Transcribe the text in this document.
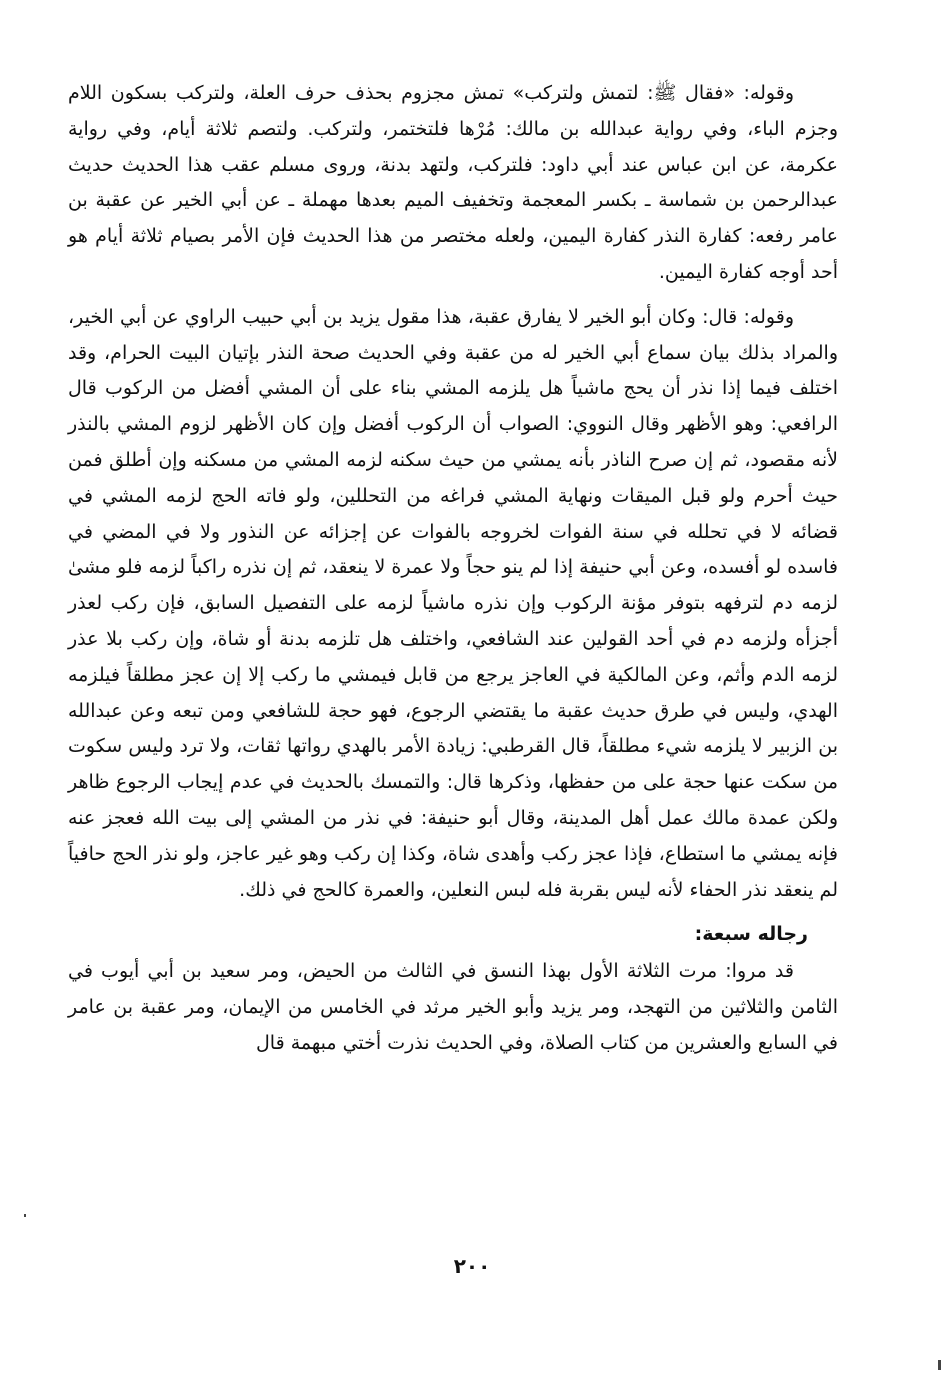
وقوله: «فقال ﷺ: لتمش ولتركب» تمش مجزوم بحذف حرف العلة، ولتركب بسكون اللام وجزم الباء، وفي رواية عبدالله بن مالك: مُرْها فلتختمر، ولتركب. ولتصم ثلاثة أيام، وفي رواية عكرمة، عن ابن عباس عند أبي داود: فلتركب، ولتهد بدنة، وروى مسلم عقب هذا الحديث حديث عبدالرحمن بن شماسة ـ بكسر المعجمة وتخفيف الميم بعدها مهملة ـ عن أبي الخير عن عقبة بن عامر رفعه: كفارة النذر كفارة اليمين، ولعله مختصر من هذا الحديث فإن الأمر بصيام ثلاثة أيام هو أحد أوجه كفارة اليمين.

وقوله: قال: وكان أبو الخير لا يفارق عقبة، هذا مقول يزيد بن أبي حبيب الراوي عن أبي الخير، والمراد بذلك بيان سماع أبي الخير له من عقبة وفي الحديث صحة النذر بإتيان البيت الحرام، وقد اختلف فيما إذا نذر أن يحج ماشياً هل يلزمه المشي بناء على أن المشي أفضل من الركوب قال الرافعي: وهو الأظهر وقال النووي: الصواب أن الركوب أفضل وإن كان الأظهر لزوم المشي بالنذر لأنه مقصود، ثم إن صرح الناذر بأنه يمشي من حيث سكنه لزمه المشي من مسكنه وإن أطلق فمن حيث أحرم ولو قبل الميقات ونهاية المشي فراغه من التحللين، ولو فاته الحج لزمه المشي في قضائه لا في تحلله في سنة الفوات لخروجه بالفوات عن إجزائه عن النذور ولا في المضي في فاسده لو أفسده، وعن أبي حنيفة إذا لم ينو حجاً ولا عمرة لا ينعقد، ثم إن نذره راكباً لزمه فلو مشىٰ لزمه دم لترفهه بتوفر مؤنة الركوب وإن نذره ماشياً لزمه على التفصيل السابق، فإن ركب لعذر أجزأه ولزمه دم في أحد القولين عند الشافعي، واختلف هل تلزمه بدنة أو شاة، وإن ركب بلا عذر لزمه الدم وأثم، وعن المالكية في العاجز يرجع من قابل فيمشي ما ركب إلا إن عجز مطلقاً فيلزمه الهدي، وليس في طرق حديث عقبة ما يقتضي الرجوع، فهو حجة للشافعي ومن تبعه وعن عبدالله بن الزبير لا يلزمه شيء مطلقاً، قال القرطبي: زيادة الأمر بالهدي رواتها ثقات، ولا ترد وليس سكوت من سكت عنها حجة على من حفظها، وذكرها قال: والتمسك بالحديث في عدم إيجاب الرجوع ظاهر ولكن عمدة مالك عمل أهل المدينة، وقال أبو حنيفة: في نذر من المشي إلى بيت الله فعجز عنه فإنه يمشي ما استطاع، فإذا عجز ركب وأهدى شاة، وكذا إن ركب وهو غير عاجز، ولو نذر الحج حافياً لم ينعقد نذر الحفاء لأنه ليس بقربة فله لبس النعلين، والعمرة كالحج في ذلك.

رجاله سبعة:

قد مروا: مرت الثلاثة الأول بهذا النسق في الثالث من الحيض، ومر سعيد بن أبي أيوب في الثامن والثلاثين من التهجد، ومر يزيد وأبو الخير مرثد في الخامس من الإيمان، ومر عقبة بن عامر في السابع والعشرين من كتاب الصلاة، وفي الحديث نذرت أختي مبهمة قال

٢٠٠
